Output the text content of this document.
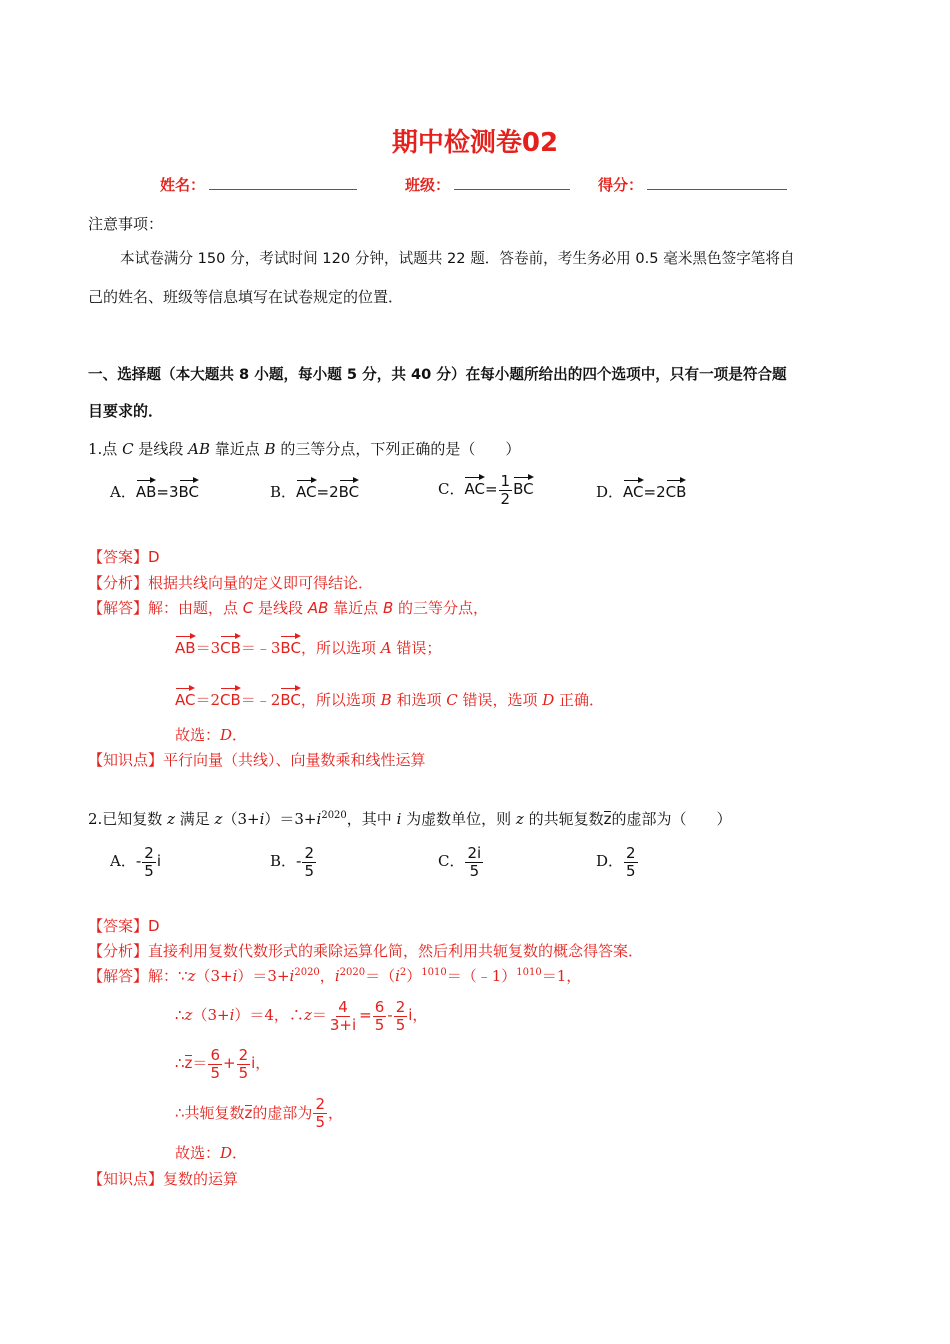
期中检测卷02
姓名：	班级：	得分：
注意事项：
本试卷满分 150 分，考试时间 120 分钟，试题共 22 题．答卷前，考生务必用 0.5 毫米黑色签字笔将自
己的姓名、班级等信息填写在试卷规定的位置．
一、选择题（本大题共 8 小题，每小题 5 分，共 40 分）在每小题所给出的四个选项中，只有一项是符合题
目要求的．
1.点 C 是线段 AB 靠近点 B 的三等分点，下列正确的是（　　）
A．AB=3BC	B．AC=2BC	C．$AC= \frac{1}{2}$ BC	D．AC=2CB
【答案】D
【分析】根据共线向量的定义即可得结论．
【解答】解：由题，点 C 是线段 AB 靠近点 B 的三等分点，
AB＝3CB＝﹣3BC，所以选项 A 错误；
AC＝2CB＝﹣2BC，所以选项 B 和选项 C 错误，选项 D 正确．
故选：D．
【知识点】平行向量（共线）、向量数乘和线性运算
2.已知复数 z 满足 $z(3+i)=3+i^{2020}$，其中 i 为虚数单位，则 z 的共轭复数z的虚部为（　　）
A．- $\frac{2}{5}$ i	B．- $\frac{2}{5}$	C． $\frac{2i}{5}$	D． $\frac{2}{5}$
【答案】D
【分析】直接利用复数代数形式的乘除运算化简，然后利用共轭复数的概念得答案．
【解答】解：$\because z(3+i)=3+i^{2020}$，$i^{2020}=(i^2)^{1010}=(﹣1)^{1010}=1$，
∴z（3+i）＝4，∴z＝ $\frac{4}{3+i} = \frac{6}{5} - \frac{2}{5}$ i，
∴z＝ $\frac{6}{5} + \frac{2}{5}$ i，
∴共轭复数z的虚部为 $\frac{2}{5}$ ，
故选：D．
【知识点】复数的运算
